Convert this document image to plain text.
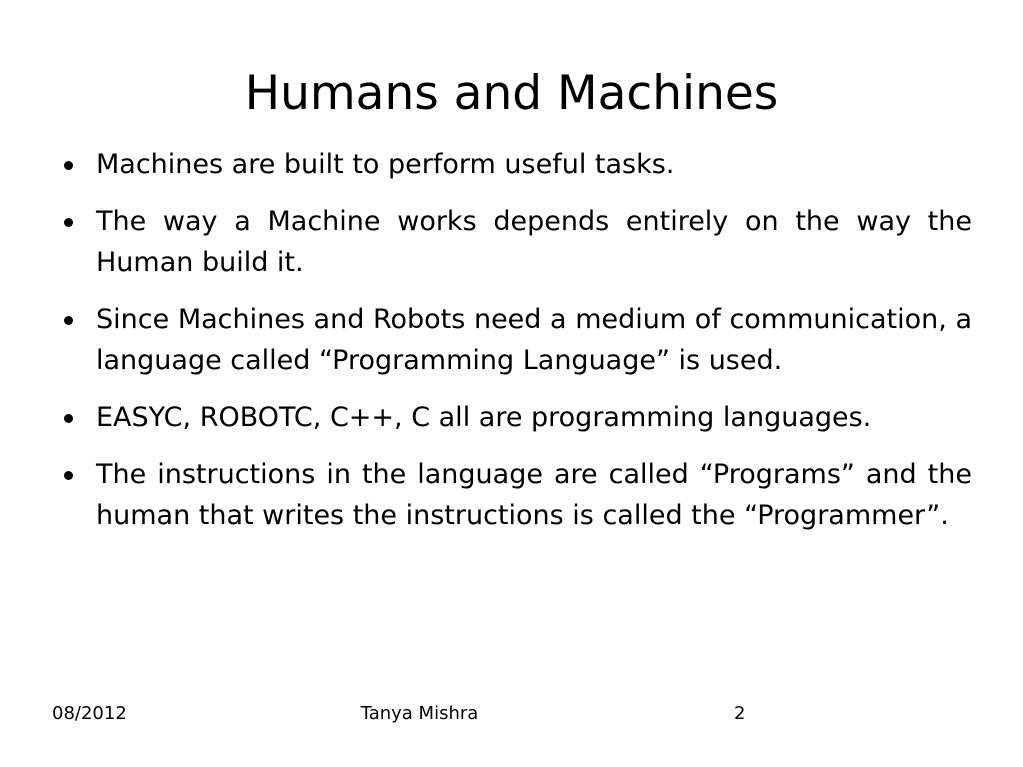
Humans and Machines
Machines are built to perform useful tasks.
The way a Machine works depends entirely on the way the Human build it.
Since Machines and Robots need a medium of communication, a language called “Programming Language” is used.
EASYC, ROBOTC, C++, C all are programming languages.
The instructions in the language are called “Programs” and the human that writes the instructions is called the “Programmer”.
08/2012	Tanya Mishra	2
